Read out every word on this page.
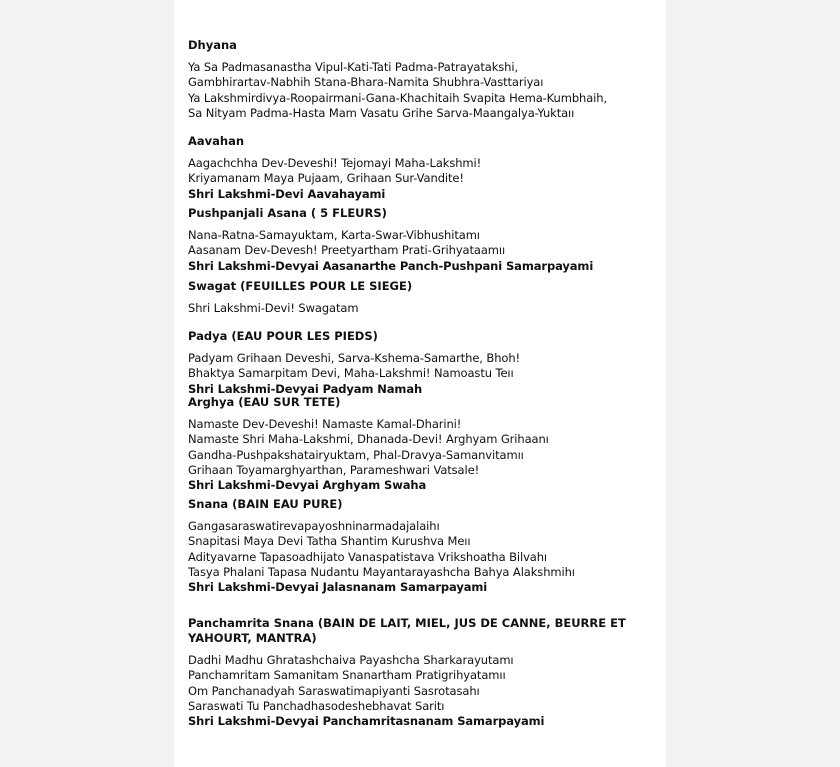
Dhyana
Ya Sa Padmasanastha Vipul-Kati-Tati Padma-Patrayatakshi,
Gambhirartav-Nabhih Stana-Bhara-Namita Shubhra-Vasttariyaı
Ya Lakshmirdivya-Roopairmani-Gana-Khachitaih Svapita Hema-Kumbhaih,
Sa Nityam Padma-Hasta Mam Vasatu Grihe Sarva-Maangalya-Yuktaıı
Aavahan
Aagachchha Dev-Deveshi! Tejomayi Maha-Lakshmi!
Kriyamanam Maya Pujaam, Grihaan Sur-Vandite!
Shri Lakshmi-Devi Aavahayami
Pushpanjali Asana ( 5 FLEURS)
Nana-Ratna-Samayuktam, Karta-Swar-Vibhushitamı
Aasanam Dev-Devesh! Preetyartham Prati-Grihyataamıı
Shri Lakshmi-Devyai Aasanarthe Panch-Pushpani Samarpayami
Swagat (FEUILLES POUR LE SIEGE)
Shri Lakshmi-Devi! Swagatam
Padya (EAU POUR LES PIEDS)
Padyam Grihaan Deveshi, Sarva-Kshema-Samarthe, Bhoh!
Bhaktya Samarpitam Devi, Maha-Lakshmi! Namoastu Teıı
Shri Lakshmi-Devyai Padyam Namah
Arghya (EAU SUR TETE)
Namaste Dev-Deveshi! Namaste Kamal-Dharini!
Namaste Shri Maha-Lakshmi, Dhanada-Devi! Arghyam Grihaanı
Gandha-Pushpakshatairyuktam, Phal-Dravya-Samanvitamıı
Grihaan Toyamarghyarthan, Parameshwari Vatsale!
Shri Lakshmi-Devyai Arghyam Swaha
Snana (BAIN EAU PURE)
Gangasaraswatirevapayoshninarmadajalaihı
Snapitasi Maya Devi Tatha Shantim Kurushva Meıı
Adityavarne Tapasoadhijato Vanaspatistava Vrikshoatha Bilvahı
Tasya Phalani Tapasa Nudantu Mayantarayashcha Bahya Alakshmihı
Shri Lakshmi-Devyai Jalasnanam Samarpayami
Panchamrita Snana (BAIN DE LAIT, MIEL, JUS DE CANNE, BEURRE ET
YAHOURT, MANTRA)
Dadhi Madhu Ghratashchaiva Payashcha Sharkarayutamı
Panchamritam Samanitam Snanartham Pratigrihyatamıı
Om Panchanadyah Saraswatimapiyanti Sasrotasahı
Saraswati Tu Panchadhasodeshebhavat Saritı
Shri Lakshmi-Devyai Panchamritasnanam Samarpayami
